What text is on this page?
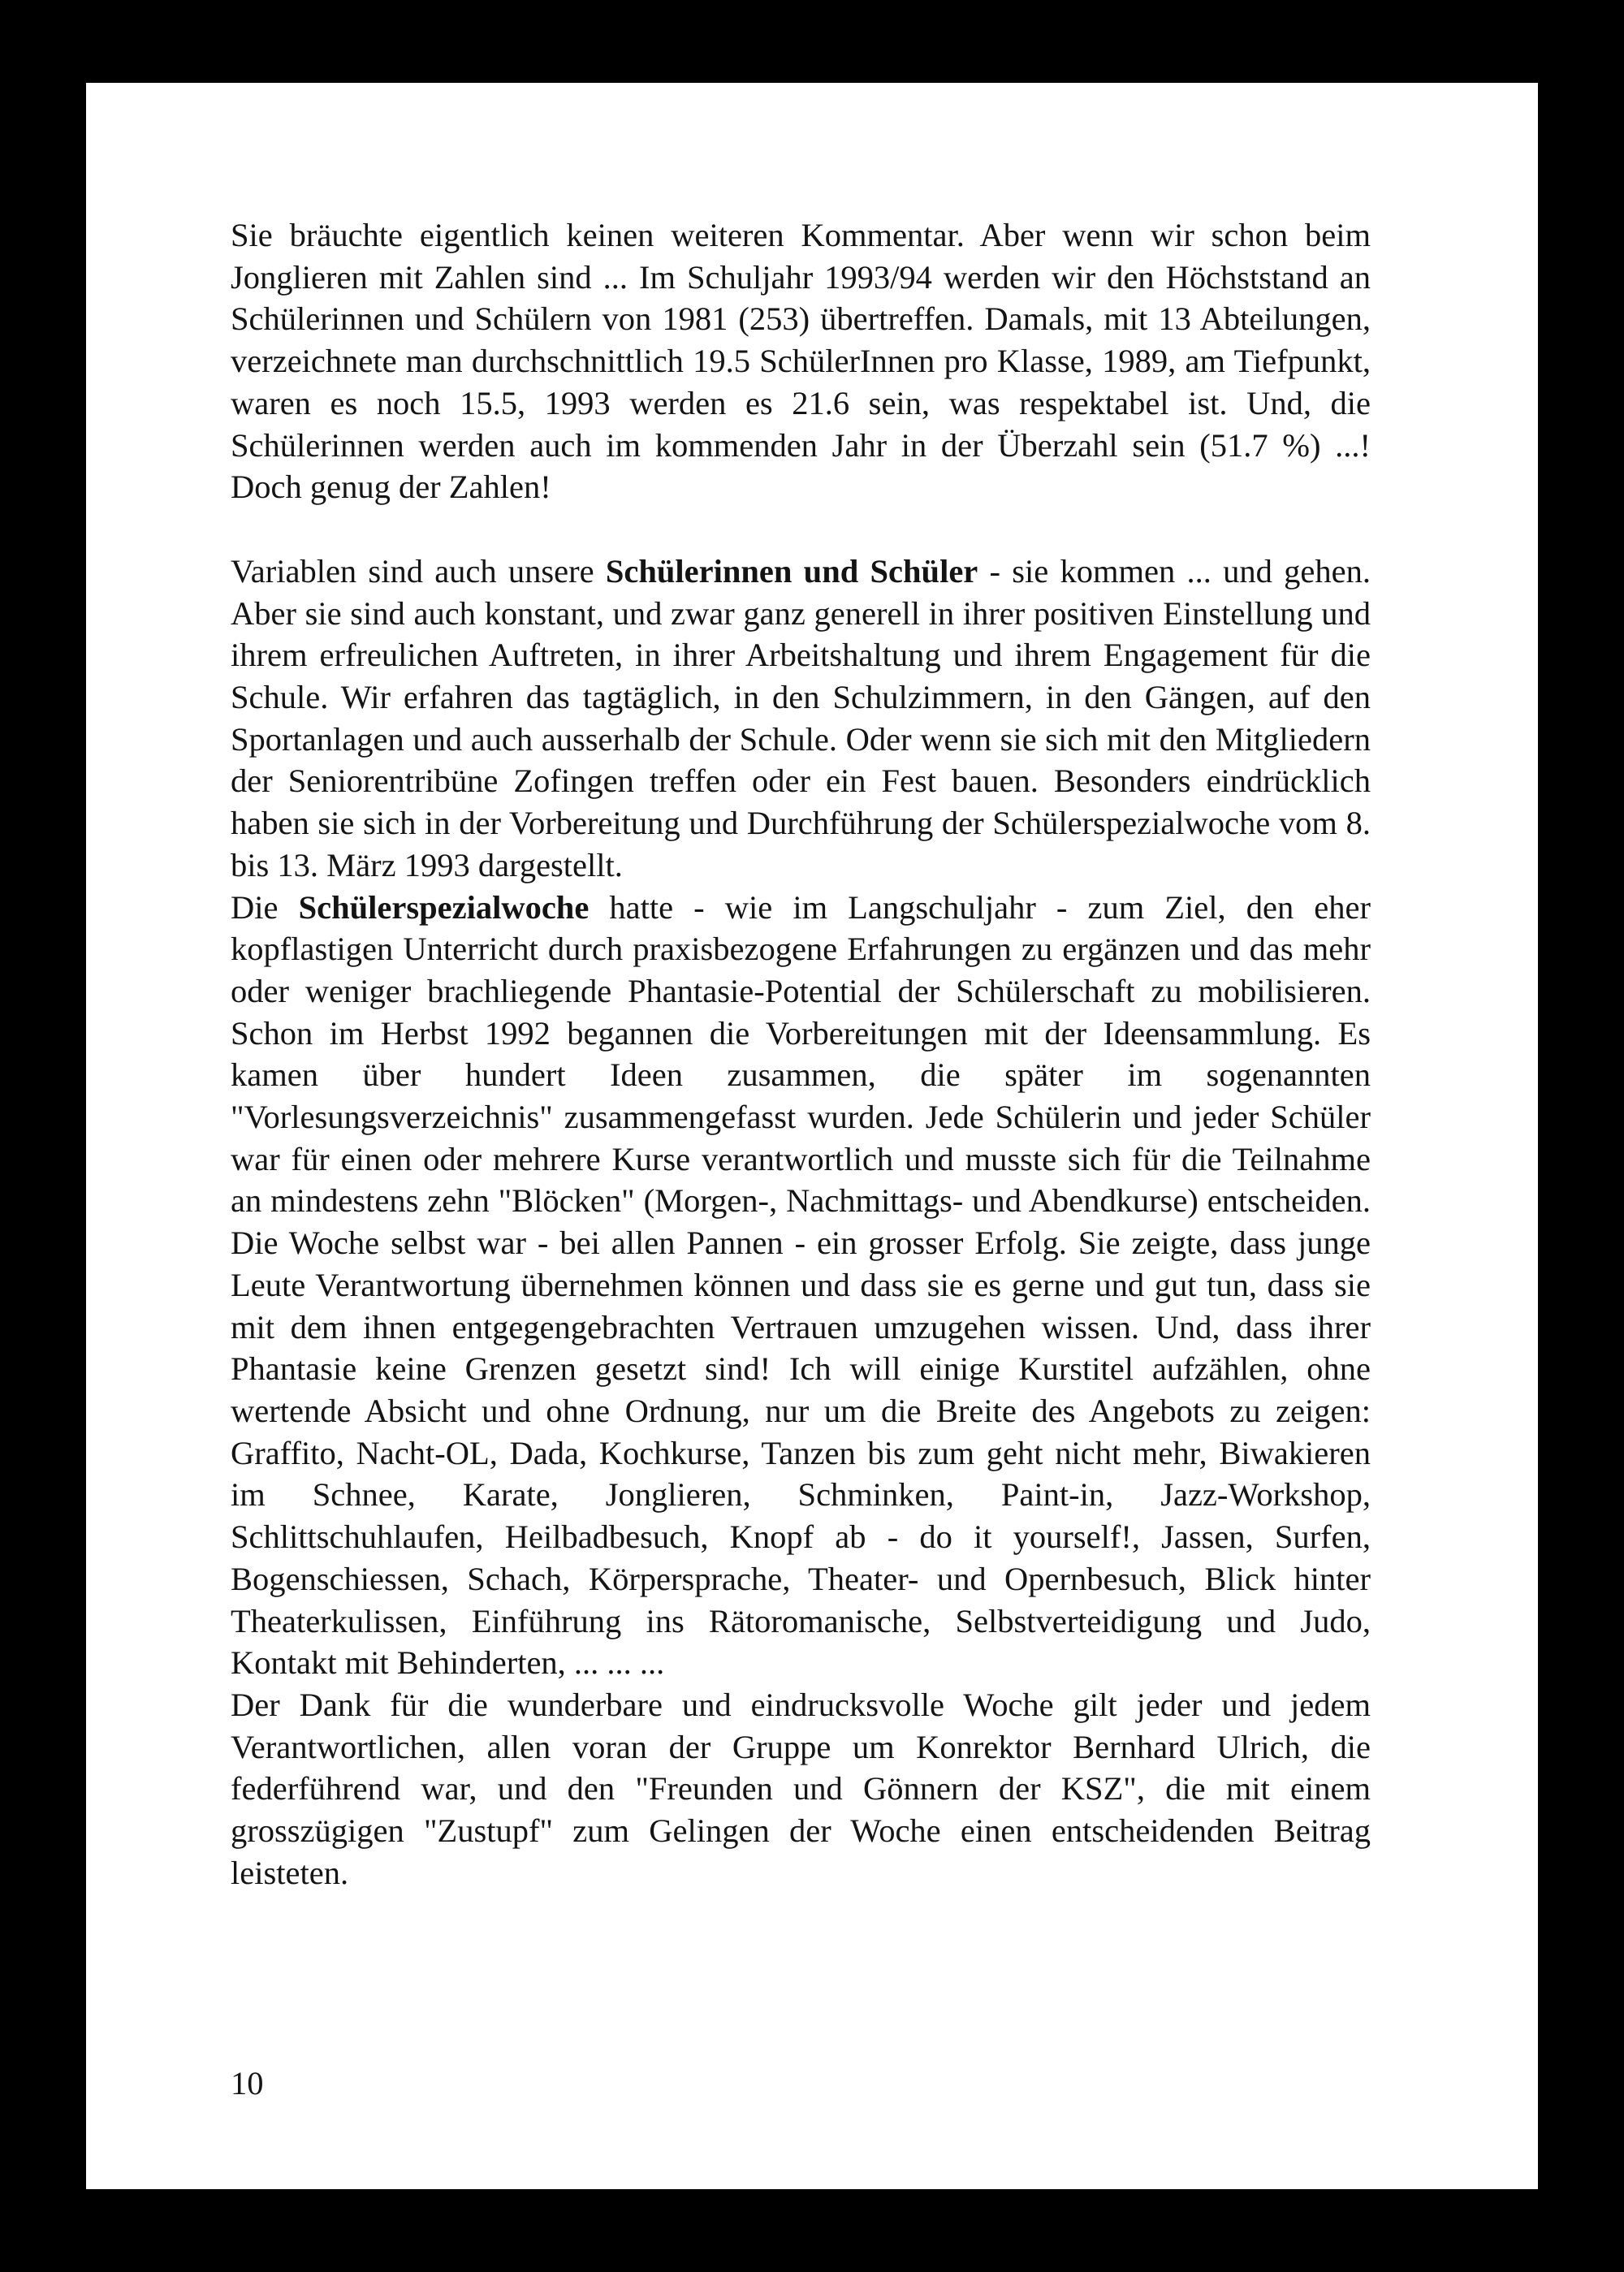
Sie bräuchte eigentlich keinen weiteren Kommentar. Aber wenn wir schon beim Jonglieren mit Zahlen sind ... Im Schuljahr 1993/94 werden wir den Höchststand an Schülerinnen und Schülern von 1981 (253) übertreffen. Damals, mit 13 Abteilungen, verzeichnete man durchschnittlich 19.5 SchülerInnen pro Klasse, 1989, am Tiefpunkt, waren es noch 15.5, 1993 werden es 21.6 sein, was respektabel ist. Und, die Schülerinnen werden auch im kommenden Jahr in der Überzahl sein (51.7 %) ...! Doch genug der Zahlen!

Variablen sind auch unsere Schülerinnen und Schüler - sie kommen ... und gehen. Aber sie sind auch konstant, und zwar ganz generell in ihrer positiven Einstellung und ihrem erfreulichen Auftreten, in ihrer Arbeitshaltung und ihrem Engagement für die Schule. Wir erfahren das tagtäglich, in den Schulzimmern, in den Gängen, auf den Sportanlagen und auch ausserhalb der Schule. Oder wenn sie sich mit den Mitgliedern der Seniorentribüne Zofingen treffen oder ein Fest bauen. Besonders eindrücklich haben sie sich in der Vorbereitung und Durchführung der Schülerspezialwoche vom 8. bis 13. März 1993 dargestellt.

Die Schülerspezialwoche hatte - wie im Langschuljahr - zum Ziel, den eher kopflastigen Unterricht durch praxisbezogene Erfahrungen zu ergänzen und das mehr oder weniger brachliegende Phantasie-Potential der Schülerschaft zu mobilisieren. Schon im Herbst 1992 begannen die Vorbereitungen mit der Ideensammlung. Es kamen über hundert Ideen zusammen, die später im sogenannten "Vorlesungsverzeichnis" zusammengefasst wurden. Jede Schülerin und jeder Schüler war für einen oder mehrere Kurse verantwortlich und musste sich für die Teilnahme an mindestens zehn "Blöcken" (Morgen-, Nachmittags- und Abendkurse) entscheiden. Die Woche selbst war - bei allen Pannen - ein grosser Erfolg. Sie zeigte, dass junge Leute Verantwortung übernehmen können und dass sie es gerne und gut tun, dass sie mit dem ihnen entgegengebrachten Vertrauen umzugehen wissen. Und, dass ihrer Phantasie keine Grenzen gesetzt sind! Ich will einige Kurstitel aufzählen, ohne wertende Absicht und ohne Ordnung, nur um die Breite des Angebots zu zeigen: Graffito, Nacht-OL, Dada, Kochkurse, Tanzen bis zum geht nicht mehr, Biwakieren im Schnee, Karate, Jonglieren, Schminken, Paint-in, Jazz-Workshop, Schlittschuhlaufen, Heilbadbesuch, Knopf ab - do it yourself!, Jassen, Surfen, Bogenschiessen, Schach, Körpersprache, Theater- und Opernbesuch, Blick hinter Theaterkulissen, Einführung ins Rätoromanische, Selbstverteidigung und Judo, Kontakt mit Behinderten, ... ... ...

Der Dank für die wunderbare und eindrucksvolle Woche gilt jeder und jedem Verantwortlichen, allen voran der Gruppe um Konrektor Bernhard Ulrich, die federführend war, und den "Freunden und Gönnern der KSZ", die mit einem grosszügigen "Zustupf" zum Gelingen der Woche einen entscheidenden Beitrag leisteten.

10
